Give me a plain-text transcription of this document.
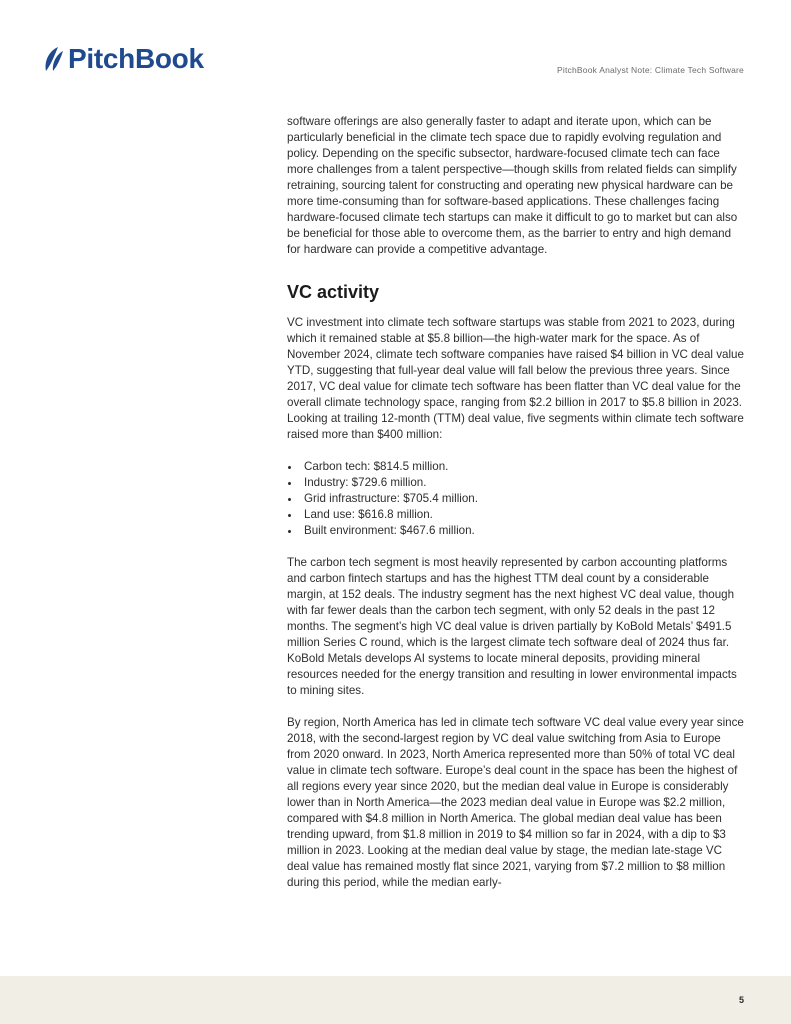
PitchBook	PitchBook Analyst Note: Climate Tech Software

software offerings are also generally faster to adapt and iterate upon, which can be particularly beneficial in the climate tech space due to rapidly evolving regulation and policy. Depending on the specific subsector, hardware-focused climate tech can face more challenges from a talent perspective—though skills from related fields can simplify retraining, sourcing talent for constructing and operating new physical hardware can be more time-consuming than for software-based applications. These challenges facing hardware-focused climate tech startups can make it difficult to go to market but can also be beneficial for those able to overcome them, as the barrier to entry and high demand for hardware can provide a competitive advantage.

VC activity

VC investment into climate tech software startups was stable from 2021 to 2023, during which it remained stable at $5.8 billion—the high-water mark for the space. As of November 2024, climate tech software companies have raised $4 billion in VC deal value YTD, suggesting that full-year deal value will fall below the previous three years. Since 2017, VC deal value for climate tech software has been flatter than VC deal value for the overall climate technology space, ranging from $2.2 billion in 2017 to $5.8 billion in 2023. Looking at trailing 12-month (TTM) deal value, five segments within climate tech software raised more than $400 million:

Carbon tech: $814.5 million.
Industry: $729.6 million.
Grid infrastructure: $705.4 million.
Land use: $616.8 million.
Built environment: $467.6 million.

The carbon tech segment is most heavily represented by carbon accounting platforms and carbon fintech startups and has the highest TTM deal count by a considerable margin, at 152 deals. The industry segment has the next highest VC deal value, though with far fewer deals than the carbon tech segment, with only 52 deals in the past 12 months. The segment’s high VC deal value is driven partially by KoBold Metals’ $491.5 million Series C round, which is the largest climate tech software deal of 2024 thus far. KoBold Metals develops AI systems to locate mineral deposits, providing mineral resources needed for the energy transition and resulting in lower environmental impacts to mining sites.

By region, North America has led in climate tech software VC deal value every year since 2018, with the second-largest region by VC deal value switching from Asia to Europe from 2020 onward. In 2023, North America represented more than 50% of total VC deal value in climate tech software. Europe’s deal count in the space has been the highest of all regions every year since 2020, but the median deal value in Europe is considerably lower than in North America—the 2023 median deal value in Europe was $2.2 million, compared with $4.8 million in North America. The global median deal value has been trending upward, from $1.8 million in 2019 to $4 million so far in 2024, with a dip to $3 million in 2023. Looking at the median deal value by stage, the median late-stage VC deal value has remained mostly flat since 2021, varying from $7.2 million to $8 million during this period, while the median early-

5
